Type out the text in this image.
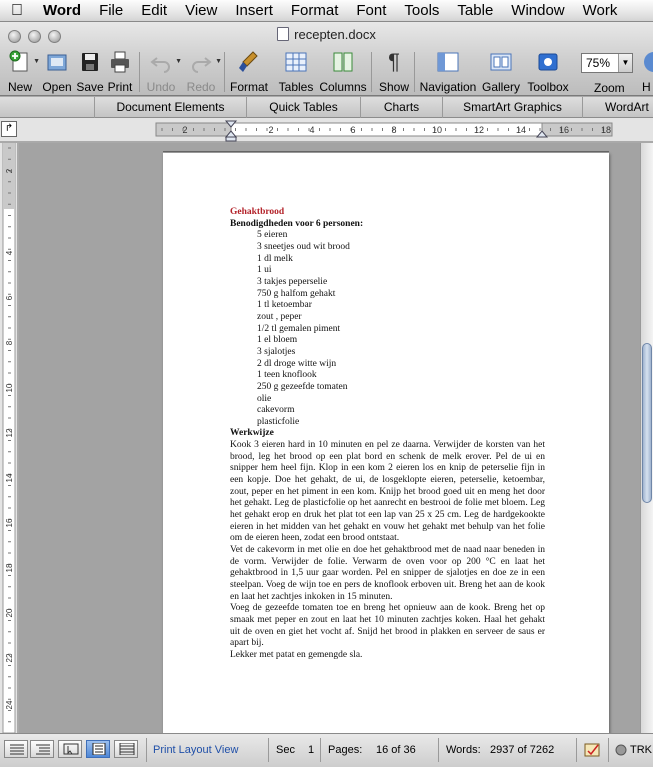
Word	File	Edit	View	Insert	Format	Font	Tools	Table	Window	Work
recepten.docx
▼
New Open Save Print
▼
Undo
▼
Redo	Format Tables Columns
¶
Show Navigation Gallery Toolbox
75%	▼
Zoom H
Document Elements	Quick Tables	Charts	SmartArt Graphics	WordArt
2	2	4	6	8	10	12	14	16	18
↱
2
4
6
8
10
12
14
16
18
20
22
24
Gehaktbrood
Benodigdheden voor 6 personen:
5 eieren
3 sneetjes oud wit brood
1 dl melk
1 ui
3 takjes peperselie
750 g halfom gehakt
1 tl ketoembar
zout , peper
1/2 tl gemalen piment
1 el bloem
3 sjalotjes
2 dl droge witte wijn
1 teen knoflook
250 g gezeefde tomaten
olie
cakevorm
plasticfolie
Werkwijze
Kook 3 eieren hard in 10 minuten en pel ze daarna. Verwijder de korsten van het brood, leg het brood op een plat bord en schenk de melk erover. Pel de ui en snipper hem heel fijn. Klop in een kom 2 eieren los en knip de peterselie fijn in een kopje. Doe het gehakt, de ui, de losgeklopte eieren, peterselie, ketoembar, zout, peper en het piment in een kom. Knijp het brood goed uit en meng het door het gehakt. Leg de plasticfolie op het aanrecht en bestrooi de folie met bloem. Leg het gehakt erop en druk het plat tot een lap van 25 x 25 cm. Leg de hardgekookte eieren in het midden van het gehakt en vouw het gehakt met behulp van het folie om de eieren heen, zodat een brood ontstaat.
Vet de cakevorm in met olie en doe het gehaktbrood met de naad naar beneden in de vorm. Verwijder de folie. Verwarm de oven voor op 200 °C en laat het gehaktbrood in 1,5 uur gaar worden. Pel en snipper de sjalotjes en doe ze in een steelpan. Voeg de wijn toe en pers de knoflook erboven uit. Breng het aan de kook en laat het zachtjes inkoken in 15 minuten.
Voeg de gezeefde tomaten toe en breng het opnieuw aan de kook. Breng het op smaak met peper en zout en laat het 10 minuten zachtjes koken. Haal het gehakt uit de oven en giet het vocht af. Snijd het brood in plakken en serveer de saus er apart bij.
Lekker met patat en gemengde sla.
Print Layout View	Sec 1 Pages: 16 of 36	Words: 2937 of 7262	TRK
